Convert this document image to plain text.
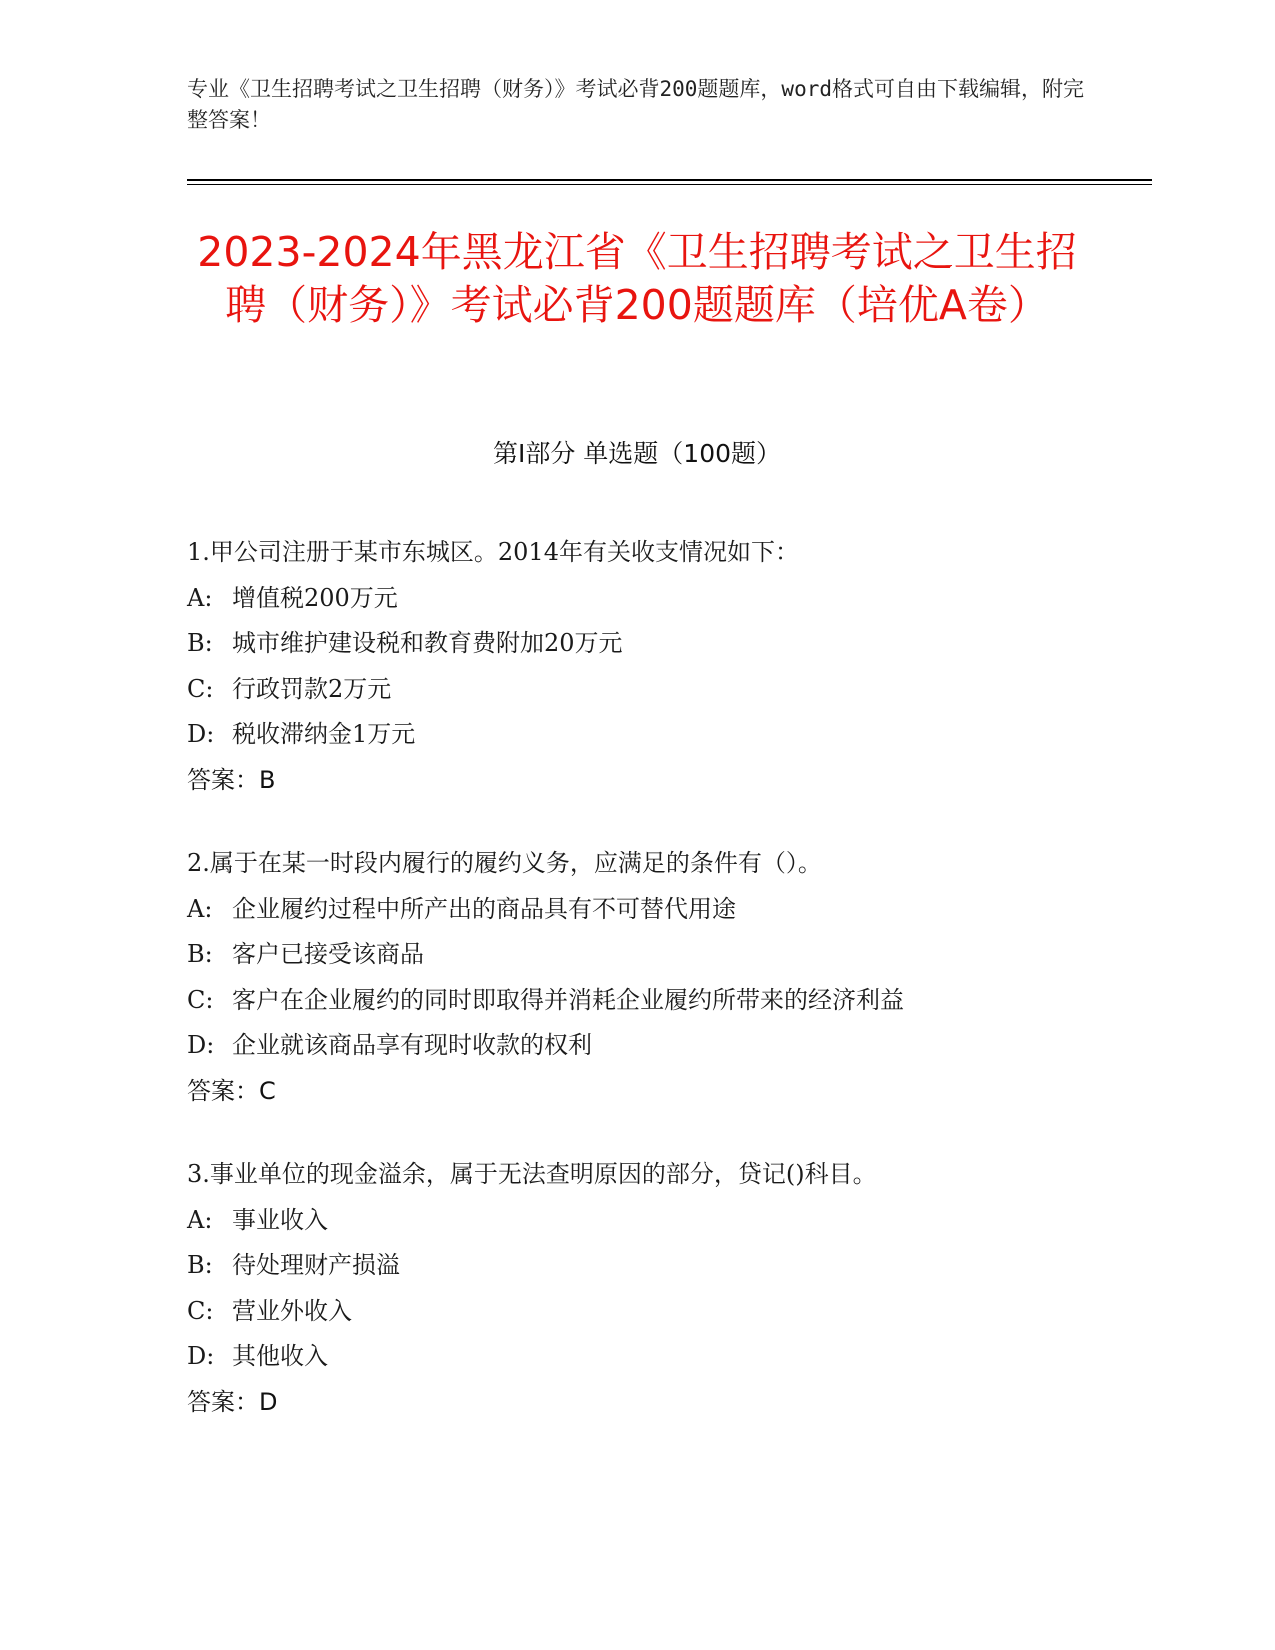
专业《卫生招聘考试之卫生招聘（财务）》考试必背200题题库，word格式可自由下载编辑，附完整答案！
2023-2024年黑龙江省《卫生招聘考试之卫生招聘（财务）》考试必背200题题库（培优A卷）
第Ⅰ部分 单选题（100题）
1.甲公司注册于某市东城区。2014年有关收支情况如下：
A: 增值税200万元
B: 城市维护建设税和教育费附加20万元
C: 行政罚款2万元
D: 税收滞纳金1万元
答案：B
2.属于在某一时段内履行的履约义务，应满足的条件有（）。
A: 企业履约过程中所产出的商品具有不可替代用途
B: 客户已接受该商品
C: 客户在企业履约的同时即取得并消耗企业履约所带来的经济利益
D: 企业就该商品享有现时收款的权利
答案：C
3.事业单位的现金溢余，属于无法查明原因的部分，贷记()科目。
A: 事业收入
B: 待处理财产损溢
C: 营业外收入
D: 其他收入
答案：D
